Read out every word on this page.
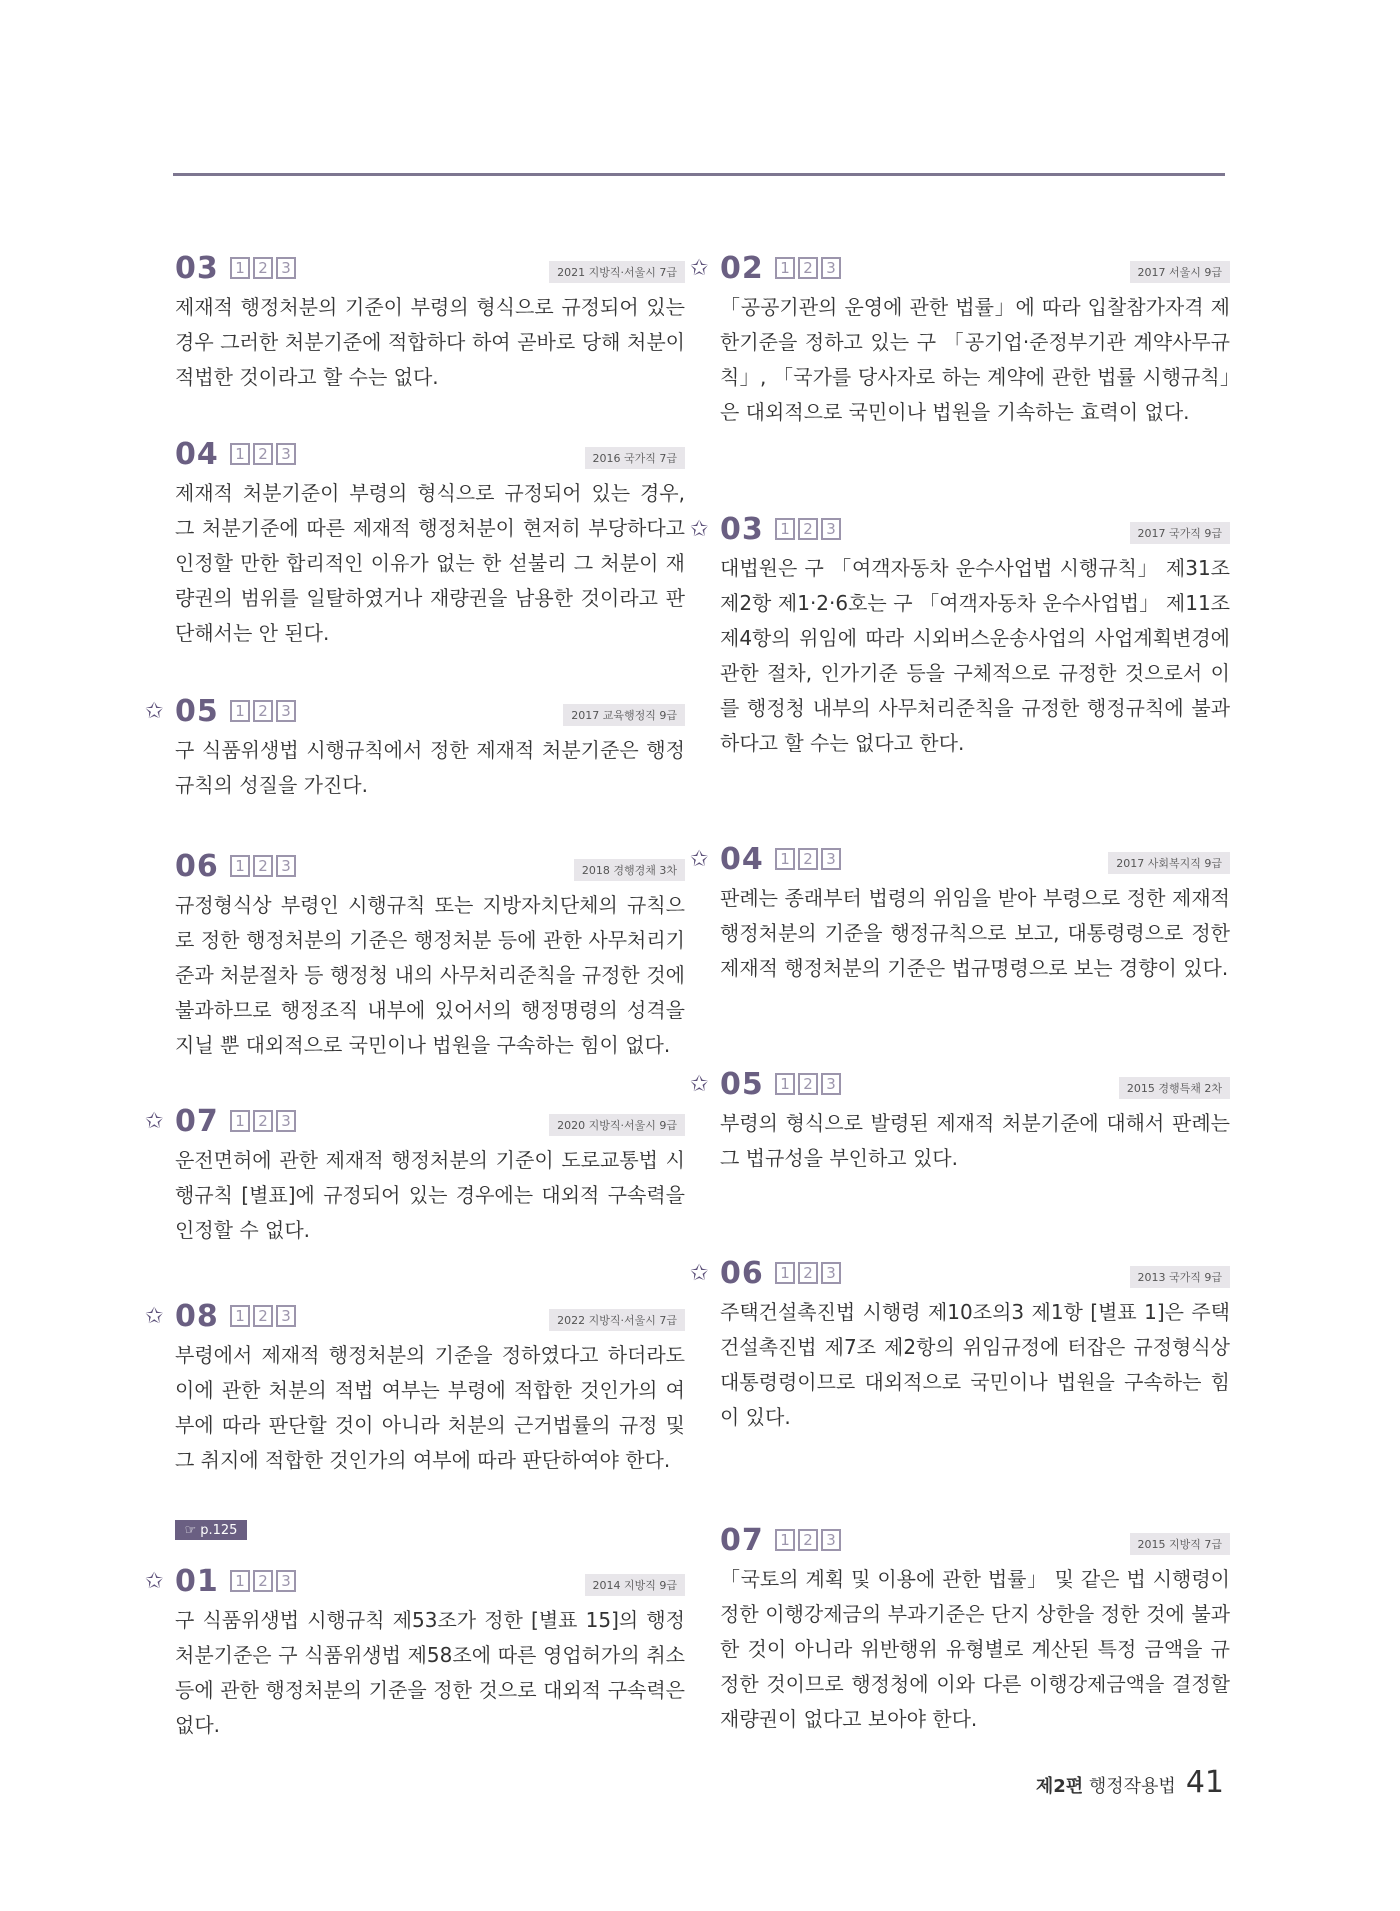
03	1 2 3	2021 지방직·서울시 7급
제재적 행정처분의 기준이 부령의 형식으로 규정되어 있는 경우 그러한 처분기준에 적합하다 하여 곧바로 당해 처분이 적법한 것이라고 할 수는 없다.
04	1 2 3	2016 국가직 7급
제재적 처분기준이 부령의 형식으로 규정되어 있는 경우, 그 처분기준에 따른 제재적 행정처분이 현저히 부당하다고 인정할 만한 합리적인 이유가 없는 한 섣불리 그 처분이 재량권의 범위를 일탈하였거나 재량권을 남용한 것이라고 판단해서는 안 된다.
✩ 05	1 2 3	2017 교육행정직 9급
구 식품위생법 시행규칙에서 정한 제재적 처분기준은 행정규칙의 성질을 가진다.
06	1 2 3	2018 경행경채 3차
규정형식상 부령인 시행규칙 또는 지방자치단체의 규칙으로 정한 행정처분의 기준은 행정처분 등에 관한 사무처리기준과 처분절차 등 행정청 내의 사무처리준칙을 규정한 것에 불과하므로 행정조직 내부에 있어서의 행정명령의 성격을 지닐 뿐 대외적으로 국민이나 법원을 구속하는 힘이 없다.
✩ 07	1 2 3	2020 지방직·서울시 9급
운전면허에 관한 제재적 행정처분의 기준이 도로교통법 시행규칙 [별표]에 규정되어 있는 경우에는 대외적 구속력을 인정할 수 없다.
✩ 08	1 2 3	2022 지방직·서울시 7급
부령에서 제재적 행정처분의 기준을 정하였다고 하더라도 이에 관한 처분의 적법 여부는 부령에 적합한 것인가의 여부에 따라 판단할 것이 아니라 처분의 근거법률의 규정 및 그 취지에 적합한 것인가의 여부에 따라 판단하여야 한다.
✩ 01	1 2 3	2014 지방직 9급
구 식품위생법 시행규칙 제53조가 정한 [별표 15]의 행정처분기준은 구 식품위생법 제58조에 따른 영업허가의 취소 등에 관한 행정처분의 기준을 정한 것으로 대외적 구속력은 없다.
✩ 02	1 2 3	2017 서울시 9급
「공공기관의 운영에 관한 법률」에 따라 입찰참가자격 제한기준을 정하고 있는 구 「공기업·준정부기관 계약사무규칙」, 「국가를 당사자로 하는 계약에 관한 법률 시행규칙」은 대외적으로 국민이나 법원을 기속하는 효력이 없다.
✩ 03	1 2 3	2017 국가직 9급
대법원은 구 「여객자동차 운수사업법 시행규칙」 제31조 제2항 제1·2·6호는 구 「여객자동차 운수사업법」 제11조 제4항의 위임에 따라 시외버스운송사업의 사업계획변경에 관한 절차, 인가기준 등을 구체적으로 규정한 것으로서 이를 행정청 내부의 사무처리준칙을 규정한 행정규칙에 불과하다고 할 수는 없다고 한다.
✩ 04	1 2 3	2017 사회복지직 9급
판례는 종래부터 법령의 위임을 받아 부령으로 정한 제재적 행정처분의 기준을 행정규칙으로 보고, 대통령령으로 정한 제재적 행정처분의 기준은 법규명령으로 보는 경향이 있다.
✩ 05	1 2 3	2015 경행특채 2차
부령의 형식으로 발령된 제재적 처분기준에 대해서 판례는 그 법규성을 부인하고 있다.
✩ 06	1 2 3	2013 국가직 9급
주택건설촉진법 시행령 제10조의3 제1항 [별표 1]은 주택건설촉진법 제7조 제2항의 위임규정에 터잡은 규정형식상 대통령령이므로 대외적으로 국민이나 법원을 구속하는 힘이 있다.
07	1 2 3	2015 지방직 7급
「국토의 계획 및 이용에 관한 법률」 및 같은 법 시행령이 정한 이행강제금의 부과기준은 단지 상한을 정한 것에 불과한 것이 아니라 위반행위 유형별로 계산된 특정 금액을 규정한 것이므로 행정청에 이와 다른 이행강제금액을 결정할 재량권이 없다고 보아야 한다.
☞ p.125
제2편 행정작용법 41
